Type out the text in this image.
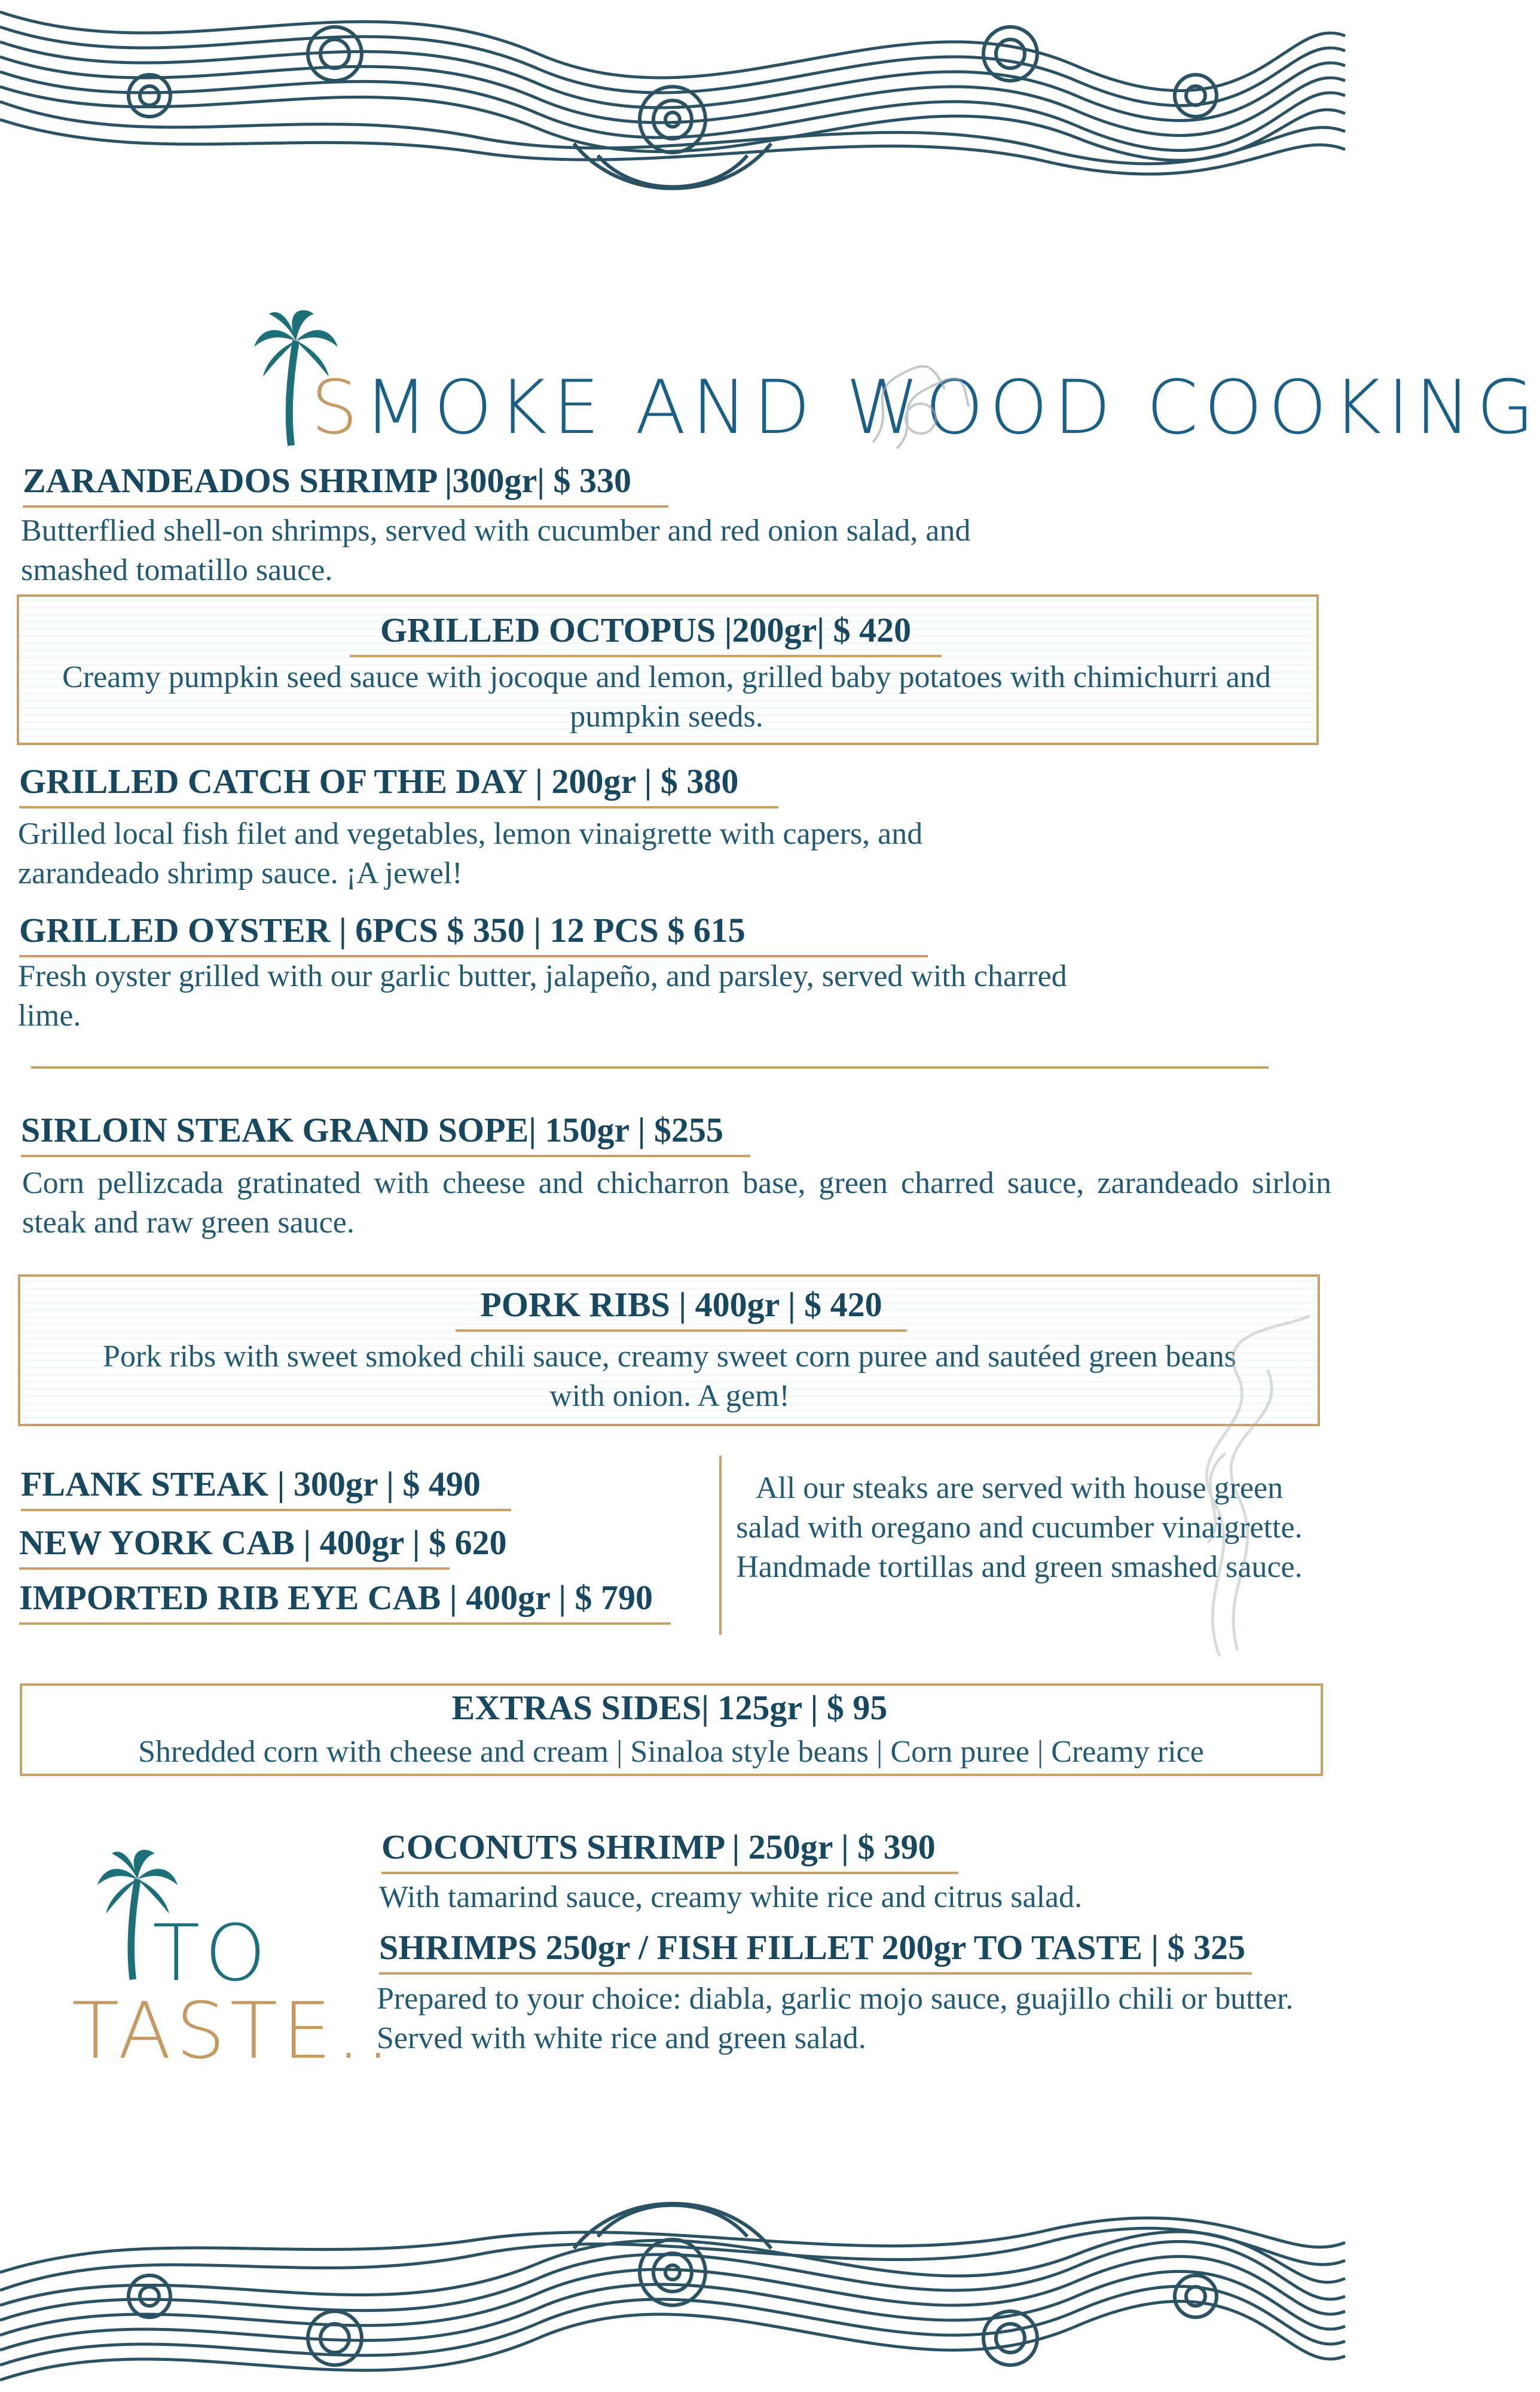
SMOKE AND WOOD COOKING
ZARANDEADOS SHRIMP |300gr| $ 330
Butterflied shell-on shrimps, served with cucumber and red onion salad, and smashed tomatillo sauce.
GRILLED OCTOPUS |200gr| $ 420
Creamy pumpkin seed sauce with jocoque and lemon, grilled baby potatoes with chimichurri and pumpkin seeds.
GRILLED CATCH OF THE DAY | 200gr | $ 380
Grilled local fish filet and vegetables, lemon vinaigrette with capers, and zarandeado shrimp sauce. ¡A jewel!
GRILLED OYSTER | 6PCS $ 350 | 12 PCS $ 615
Fresh oyster grilled with our garlic butter, jalapeño, and parsley, served with charred lime.
SIRLOIN STEAK GRAND SOPE| 150gr | $255
Corn pellizcada gratinated with cheese and chicharron base, green charred sauce, zarandeado sirloin steak and raw green sauce.
PORK RIBS | 400gr | $ 420
Pork ribs with sweet smoked chili sauce, creamy sweet corn puree and sautéed green beans with onion. A gem!
FLANK STEAK | 300gr | $ 490
NEW YORK CAB | 400gr | $ 620
IMPORTED RIB EYE CAB | 400gr | $ 790
All our steaks are served with house green salad with oregano and cucumber vinaigrette. Handmade tortillas and green smashed sauce.
EXTRAS SIDES| 125gr | $ 95
Shredded corn with cheese and cream | Sinaloa style beans | Corn puree | Creamy rice
TO
TASTE..
COCONUTS SHRIMP | 250gr | $ 390
With tamarind sauce, creamy white rice and citrus salad.
SHRIMPS 250gr / FISH FILLET 200gr TO TASTE | $ 325
Prepared to your choice: diabla, garlic mojo sauce, guajillo chili or butter. Served with white rice and green salad.
